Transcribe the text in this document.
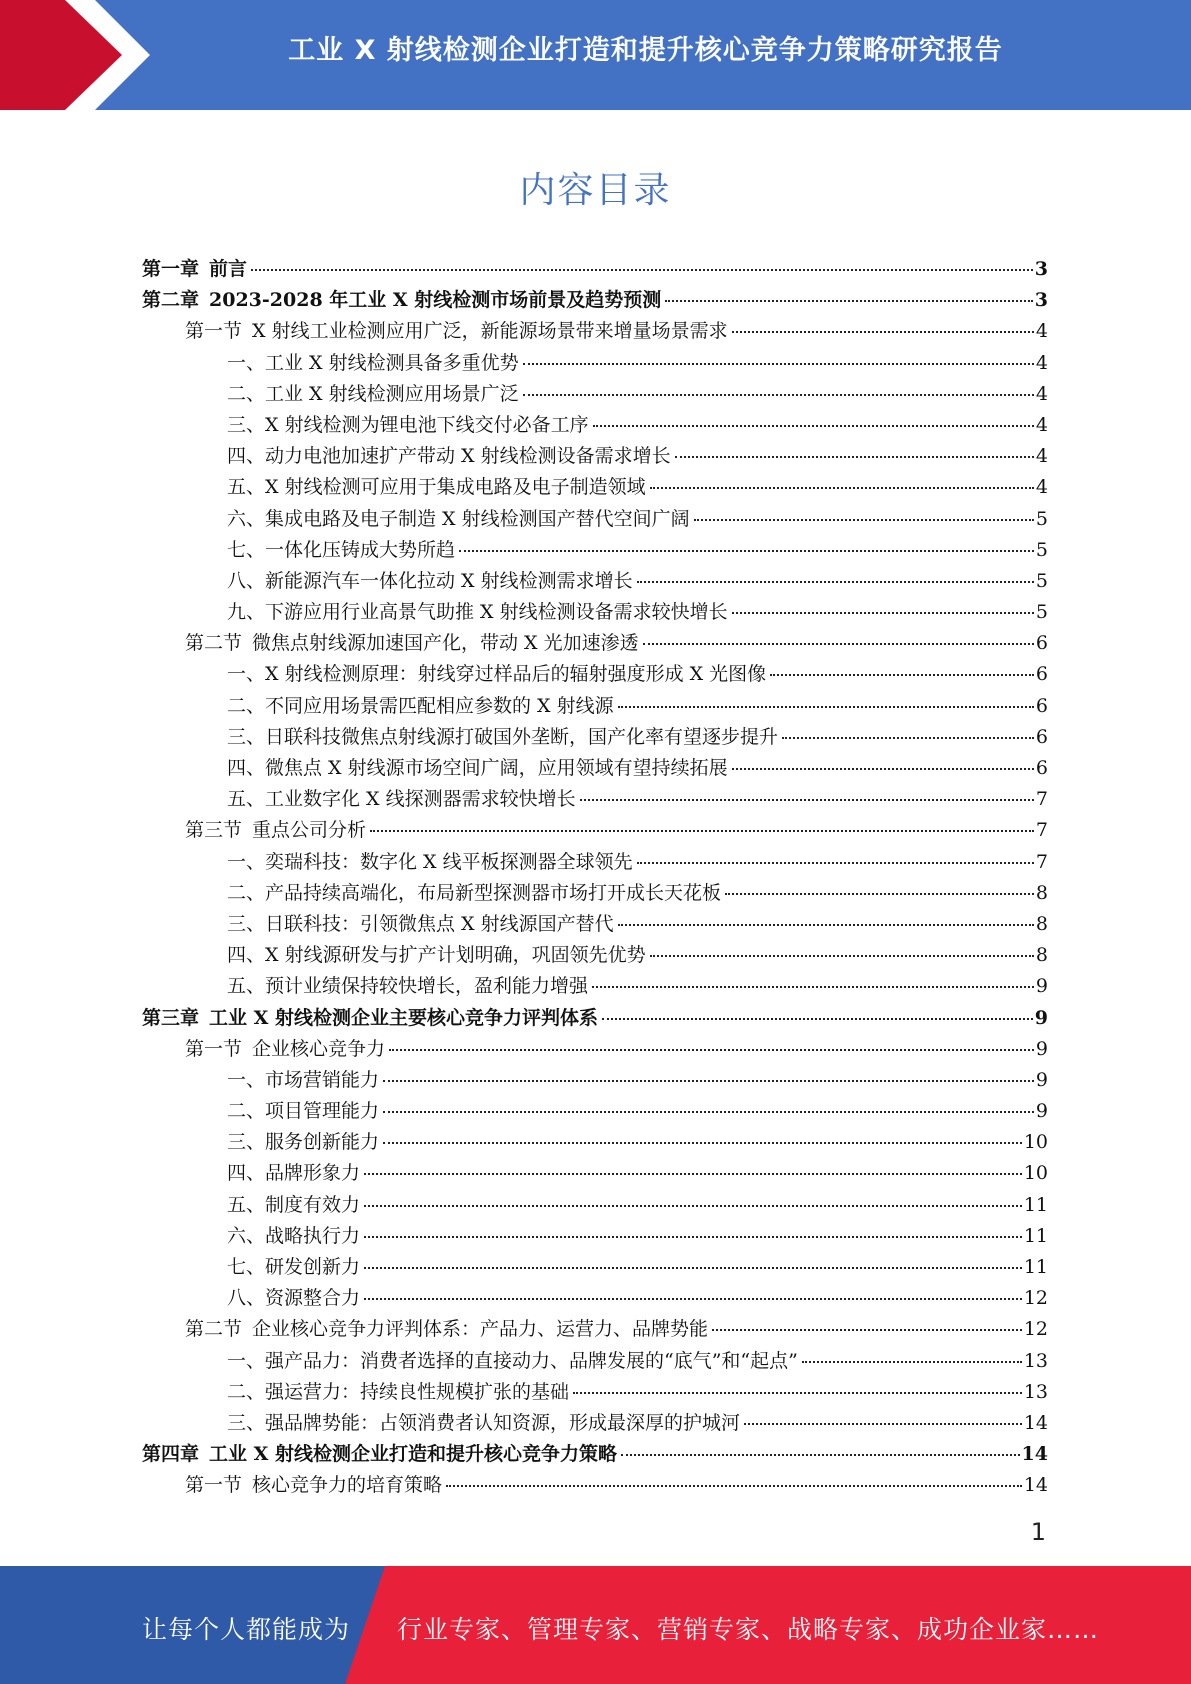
工业 X 射线检测企业打造和提升核心竞争力策略研究报告
内容目录
第一章 前言	3
第二章 2023-2028 年工业 X 射线检测市场前景及趋势预测	3
第一节 X 射线工业检测应用广泛，新能源场景带来增量场景需求	4
一、工业 X 射线检测具备多重优势	4
二、工业 X 射线检测应用场景广泛	4
三、X 射线检测为锂电池下线交付必备工序	4
四、动力电池加速扩产带动 X 射线检测设备需求增长	4
五、X 射线检测可应用于集成电路及电子制造领域	4
六、集成电路及电子制造 X 射线检测国产替代空间广阔	5
七、一体化压铸成大势所趋	5
八、新能源汽车一体化拉动 X 射线检测需求增长	5
九、下游应用行业高景气助推 X 射线检测设备需求较快增长	5
第二节 微焦点射线源加速国产化，带动 X 光加速渗透	6
一、X 射线检测原理：射线穿过样品后的辐射强度形成 X 光图像	6
二、不同应用场景需匹配相应参数的 X 射线源	6
三、日联科技微焦点射线源打破国外垄断，国产化率有望逐步提升	6
四、微焦点 X 射线源市场空间广阔，应用领域有望持续拓展	6
五、工业数字化 X 线探测器需求较快增长	7
第三节 重点公司分析	7
一、奕瑞科技：数字化 X 线平板探测器全球领先	7
二、产品持续高端化，布局新型探测器市场打开成长天花板	8
三、日联科技：引领微焦点 X 射线源国产替代	8
四、X 射线源研发与扩产计划明确，巩固领先优势	8
五、预计业绩保持较快增长，盈利能力增强	9
第三章 工业 X 射线检测企业主要核心竞争力评判体系	9
第一节 企业核心竞争力	9
一、市场营销能力	9
二、项目管理能力	9
三、服务创新能力	10
四、品牌形象力	10
五、制度有效力	11
六、战略执行力	11
七、研发创新力	11
八、资源整合力	12
第二节 企业核心竞争力评判体系：产品力、运营力、品牌势能	12
一、强产品力：消费者选择的直接动力、品牌发展的“底气”和“起点”	13
二、强运营力：持续良性规模扩张的基础	13
三、强品牌势能：占领消费者认知资源，形成最深厚的护城河	14
第四章 工业 X 射线检测企业打造和提升核心竞争力策略	14
第一节 核心竞争力的培育策略	14
1
让每个人都能成为 行业专家、管理专家、营销专家、战略专家、成功企业家……
